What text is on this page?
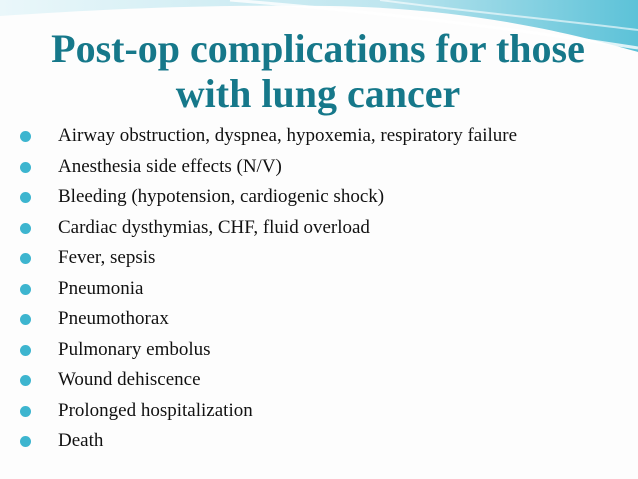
Post-op complications for those
with lung cancer
Airway obstruction, dyspnea, hypoxemia, respiratory failure
Anesthesia side effects (N/V)
Bleeding (hypotension, cardiogenic shock)
Cardiac dysthymias, CHF, fluid overload
Fever, sepsis
Pneumonia
Pneumothorax
Pulmonary embolus
Wound dehiscence
Prolonged hospitalization
Death
